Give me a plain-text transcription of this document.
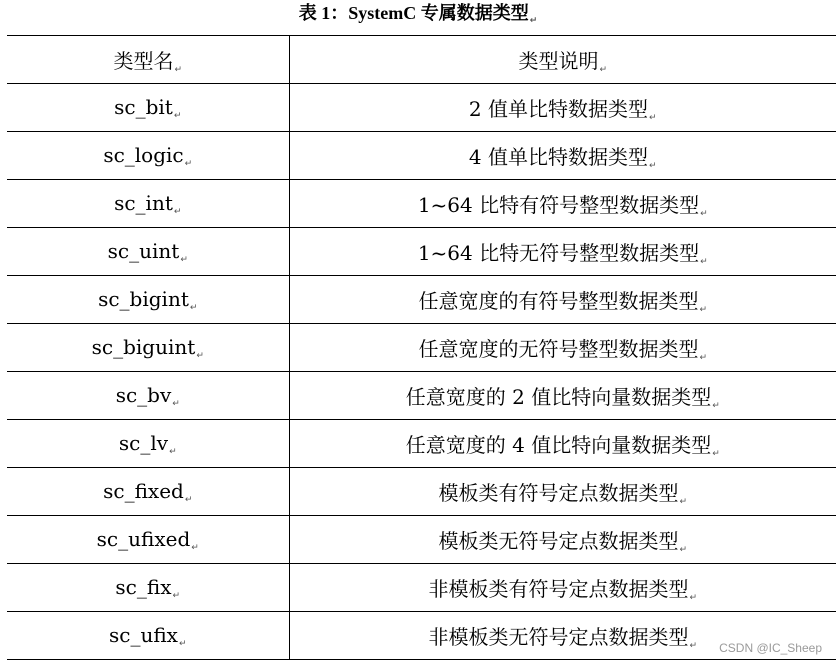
表 1：SystemC 专属数据类型$_↵$
类型名$_↵$	类型说明$_↵$
sc_bit$_↵$	2 值单比特数据类型$_↵$
sc_logic$_↵$	4 值单比特数据类型$_↵$
sc_int$_↵$	1~64 比特有符号整型数据类型$_↵$
sc_uint$_↵$	1~64 比特无符号整型数据类型$_↵$
sc_bigint$_↵$	任意宽度的有符号整型数据类型$_↵$
sc_biguint$_↵$	任意宽度的无符号整型数据类型$_↵$
$sc\_bv_↵$	任意宽度的 2 值比特向量数据类型$_↵$
$sc\_lv_↵$	任意宽度的 4 值比特向量数据类型$_↵$
sc_fixed$_↵$	模板类有符号定点数据类型$_↵$
sc_ufixed$_↵$	模板类无符号定点数据类型$_↵$
sc_fix$_↵$	非模板类有符号定点数据类型$_↵$
sc_ufix$_↵$	非模板类无符号定点数据类型$_↵$ CSDN @IC_Sheep
